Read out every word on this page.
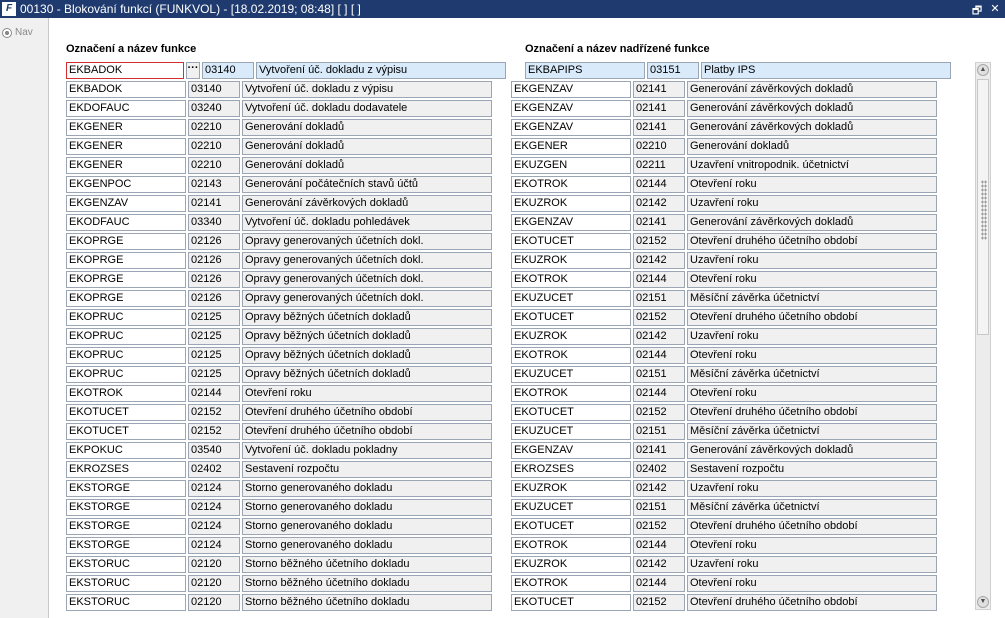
F 00130 - Blokování funkcí (FUNKVOL) - [18.02.2019; 08:48] [ ] [ ]	🗗 ✕
Nav
Označení a název funkce	Označení a název nadřízené funkce
EKBADOK	··· 03140	Vytvoření úč. dokladu z výpisu	EKBAPIPS	03151	Platby IPS
EKBADOK	03140	Vytvoření úč. dokladu z výpisu	EKGENZAV	02141	Generování závěrkových dokladů
EKDOFAUC	03240	Vytvoření úč. dokladu dodavatele	EKGENZAV	02141	Generování závěrkových dokladů
EKGENER	02210	Generování dokladů	EKGENZAV	02141	Generování závěrkových dokladů
EKGENER	02210	Generování dokladů	EKGENER	02210	Generování dokladů
EKGENER	02210	Generování dokladů	EKUZGEN	02211	Uzavření vnitropodnik. účetnictví
EKGENPOC	02143	Generování počátečních stavů účtů	EKOTROK	02144	Otevření roku
EKGENZAV	02141	Generování závěrkových dokladů	EKUZROK	02142	Uzavření roku
EKODFAUC	03340	Vytvoření úč. dokladu pohledávek	EKGENZAV	02141	Generování závěrkových dokladů
EKOPRGE	02126	Opravy generovaných účetních dokl.	EKOTUCET	02152	Otevření druhého účetního období
EKOPRGE	02126	Opravy generovaných účetních dokl.	EKUZROK	02142	Uzavření roku
EKOPRGE	02126	Opravy generovaných účetních dokl.	EKOTROK	02144	Otevření roku
EKOPRGE	02126	Opravy generovaných účetních dokl.	EKUZUCET	02151	Měsíční závěrka účetnictví
EKOPRUC	02125	Opravy běžných účetních dokladů	EKOTUCET	02152	Otevření druhého účetního období
EKOPRUC	02125	Opravy běžných účetních dokladů	EKUZROK	02142	Uzavření roku
EKOPRUC	02125	Opravy běžných účetních dokladů	EKOTROK	02144	Otevření roku
EKOPRUC	02125	Opravy běžných účetních dokladů	EKUZUCET	02151	Měsíční závěrka účetnictví
EKOTROK	02144	Otevření roku	EKOTROK	02144	Otevření roku
EKOTUCET	02152	Otevření druhého účetního období	EKOTUCET	02152	Otevření druhého účetního období
EKOTUCET	02152	Otevření druhého účetního období	EKUZUCET	02151	Měsíční závěrka účetnictví
EKPOKUC	03540	Vytvoření úč. dokladu pokladny	EKGENZAV	02141	Generování závěrkových dokladů
EKROZSES	02402	Sestavení rozpočtu	EKROZSES	02402	Sestavení rozpočtu
EKSTORGE	02124	Storno generovaného dokladu	EKUZROK	02142	Uzavření roku
EKSTORGE	02124	Storno generovaného dokladu	EKUZUCET	02151	Měsíční závěrka účetnictví
EKSTORGE	02124	Storno generovaného dokladu	EKOTUCET	02152	Otevření druhého účetního období
EKSTORGE	02124	Storno generovaného dokladu	EKOTROK	02144	Otevření roku
EKSTORUC	02120	Storno běžného účetního dokladu	EKUZROK	02142	Uzavření roku
EKSTORUC	02120	Storno běžného účetního dokladu	EKOTROK	02144	Otevření roku
EKSTORUC	02120	Storno běžného účetního dokladu	EKOTUCET	02152	Otevření druhého účetního období
▲
▼
